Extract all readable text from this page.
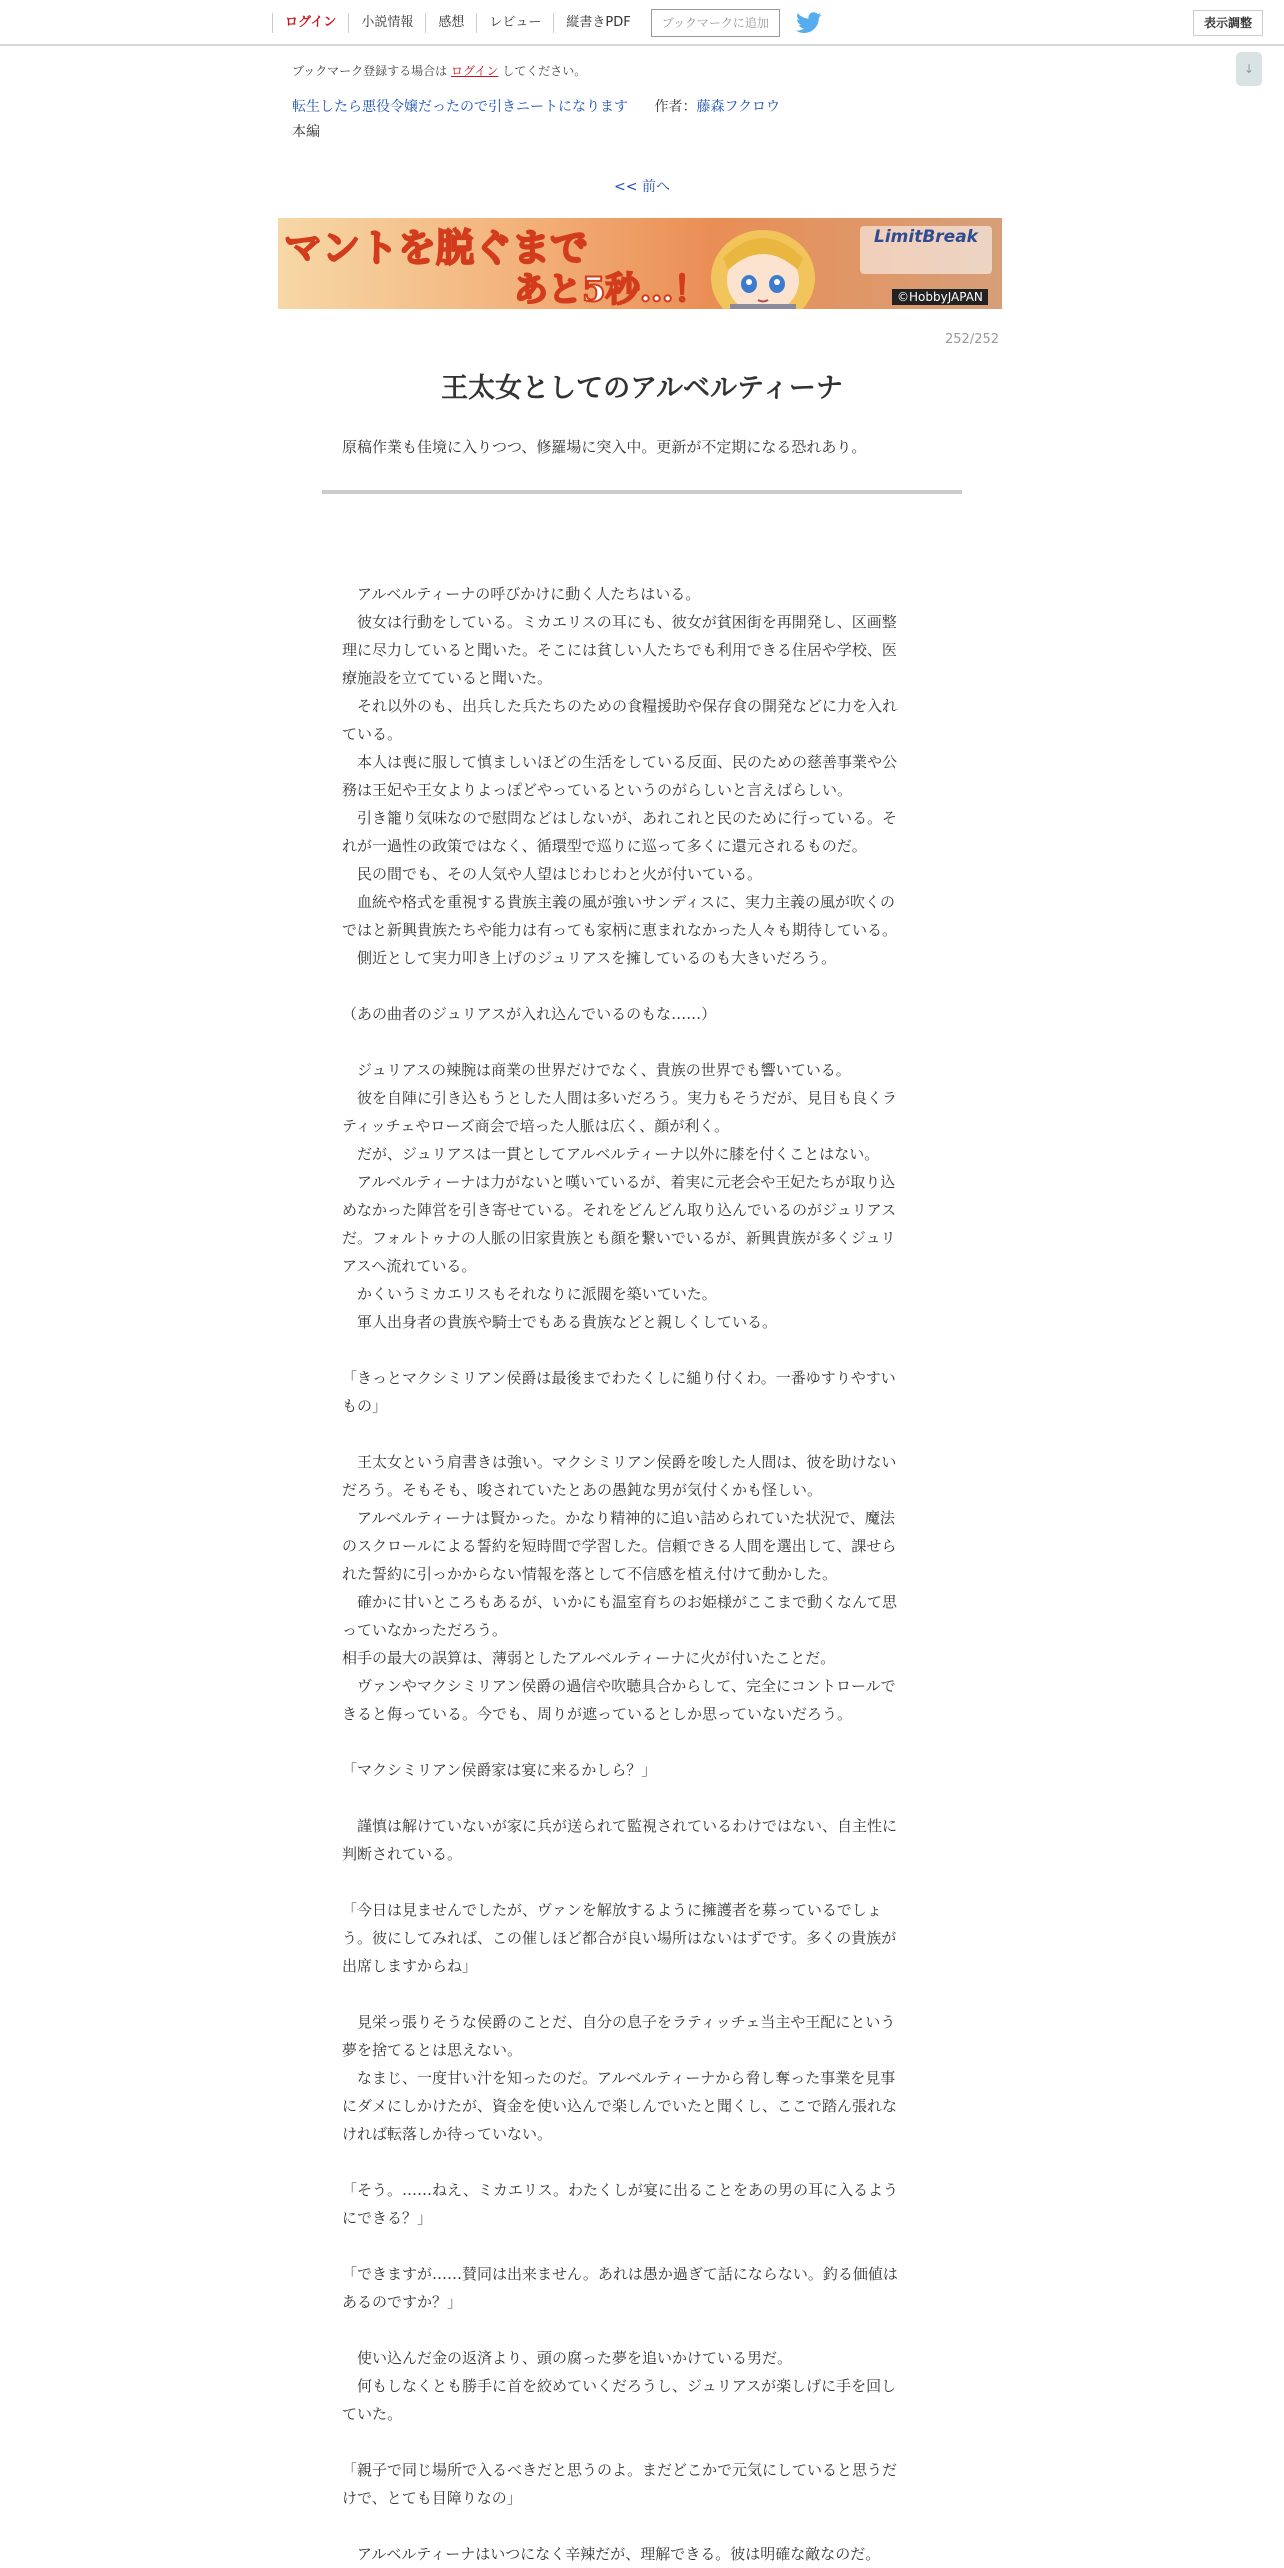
ログイン	小説情報	感想	レビュー	縦書きPDF	ブックマークに追加	表示調整
↓
ブックマーク登録する場合は ログイン してください。
転生したら悪役令嬢だったので引きニートになります 作者：藤森フクロウ
本編
<< 前へ
マントを脱ぐまで
あと5秒…！
LimitBreak
©HobbyJAPAN
252/252
王太女としてのアルベルティーナ
原稿作業も佳境に入りつつ、修羅場に突入中。更新が不定期になる恐れあり。
　アルベルティーナの呼びかけに動く人たちはいる。
　彼女は行動をしている。ミカエリスの耳にも、彼女が貧困街を再開発し、区画整
理に尽力していると聞いた。そこには貧しい人たちでも利用できる住居や学校、医
療施設を立てていると聞いた。
　それ以外のも、出兵した兵たちのための食糧援助や保存食の開発などに力を入れ
ている。
　本人は喪に服して慎ましいほどの生活をしている反面、民のための慈善事業や公
務は王妃や王女よりよっぽどやっているというのがらしいと言えばらしい。
　引き籠り気味なので慰問などはしないが、あれこれと民のために行っている。そ
れが一過性の政策ではなく、循環型で巡りに巡って多くに還元されるものだ。
　民の間でも、その人気や人望はじわじわと火が付いている。
　血統や格式を重視する貴族主義の風が強いサンディスに、実力主義の風が吹くの
ではと新興貴族たちや能力は有っても家柄に恵まれなかった人々も期待している。
　側近として実力叩き上げのジュリアスを擁しているのも大きいだろう。
（あの曲者のジュリアスが入れ込んでいるのもな……）
　ジュリアスの辣腕は商業の世界だけでなく、貴族の世界でも響いている。
　彼を自陣に引き込もうとした人間は多いだろう。実力もそうだが、見目も良くラ
ティッチェやローズ商会で培った人脈は広く、顔が利く。
　だが、ジュリアスは一貫としてアルベルティーナ以外に膝を付くことはない。
　アルベルティーナは力がないと嘆いているが、着実に元老会や王妃たちが取り込
めなかった陣営を引き寄せている。それをどんどん取り込んでいるのがジュリアス
だ。フォルトゥナの人脈の旧家貴族とも顔を繋いでいるが、新興貴族が多くジュリ
アスへ流れている。
　かくいうミカエリスもそれなりに派閥を築いていた。
　軍人出身者の貴族や騎士でもある貴族などと親しくしている。
「きっとマクシミリアン侯爵は最後までわたくしに縋り付くわ。一番ゆすりやすい
もの」
　王太女という肩書きは強い。マクシミリアン侯爵を唆した人間は、彼を助けない
だろう。そもそも、唆されていたとあの愚鈍な男が気付くかも怪しい。
　アルベルティーナは賢かった。かなり精神的に追い詰められていた状況で、魔法
のスクロールによる誓約を短時間で学習した。信頼できる人間を選出して、課せら
れた誓約に引っかからない情報を落として不信感を植え付けて動かした。
　確かに甘いところもあるが、いかにも温室育ちのお姫様がここまで動くなんて思
っていなかっただろう。
相手の最大の誤算は、薄弱としたアルベルティーナに火が付いたことだ。
　ヴァンやマクシミリアン侯爵の過信や吹聴具合からして、完全にコントロールで
きると侮っている。今でも、周りが遮っているとしか思っていないだろう。
「マクシミリアン侯爵家は宴に来るかしら？」
　謹慎は解けていないが家に兵が送られて監視されているわけではない、自主性に
判断されている。
「今日は見ませんでしたが、ヴァンを解放するように擁護者を募っているでしょ
う。彼にしてみれば、この催しほど都合が良い場所はないはずです。多くの貴族が
出席しますからね」
　見栄っ張りそうな侯爵のことだ、自分の息子をラティッチェ当主や王配にという
夢を捨てるとは思えない。
　なまじ、一度甘い汁を知ったのだ。アルベルティーナから脅し奪った事業を見事
にダメにしかけたが、資金を使い込んで楽しんでいたと聞くし、ここで踏ん張れな
ければ転落しか待っていない。
「そう。……ねえ、ミカエリス。わたくしが宴に出ることをあの男の耳に入るよう
にできる？」
「できますが……賛同は出来ません。あれは愚か過ぎて話にならない。釣る価値は
あるのですか？」
　使い込んだ金の返済より、頭の腐った夢を追いかけている男だ。
　何もしなくとも勝手に首を絞めていくだろうし、ジュリアスが楽しげに手を回し
ていた。
「親子で同じ場所で入るべきだと思うのよ。まだどこかで元気にしていると思うだ
けで、とても目障りなの」
　アルベルティーナはいつになく辛辣だが、理解できる。彼は明確な敵なのだ。
